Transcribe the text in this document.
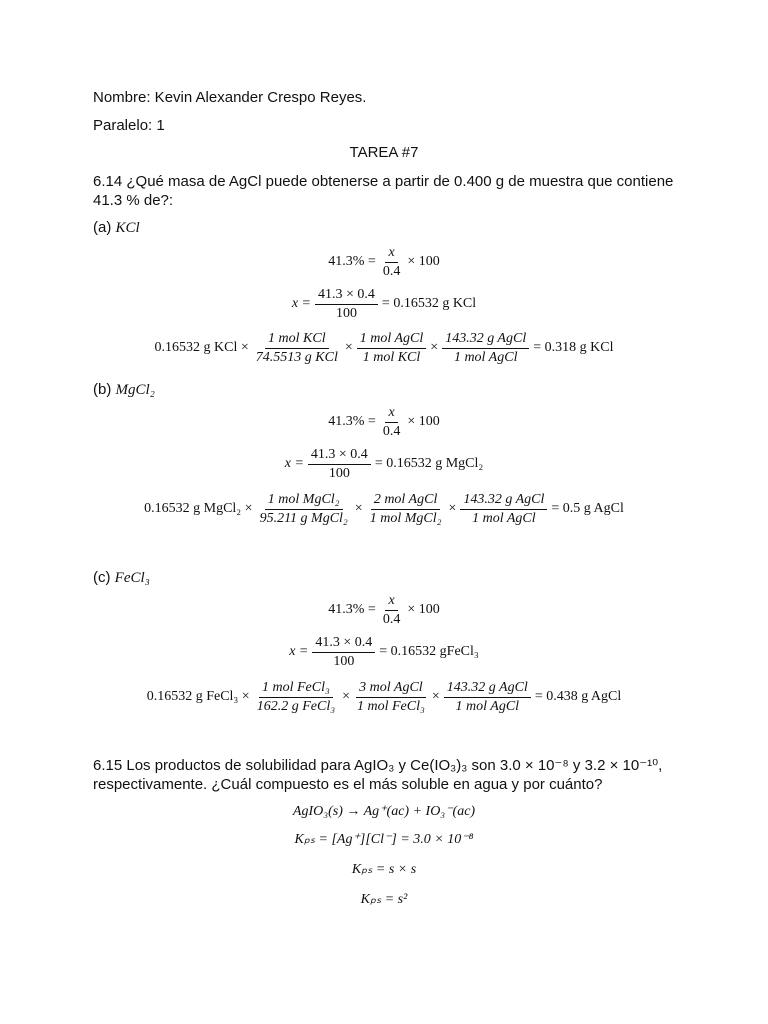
Nombre: Kevin Alexander Crespo Reyes.
Paralelo: 1
TAREA #7
6.14 ¿Qué masa de AgCl puede obtenerse a partir de 0.400 g de muestra que contiene
41.3 % de?:
(a) KCl
$41.3\% = \frac{x}{0.4} \times 100$
$x = \frac{41.3 \times 0.4}{100} = 0.16532$ g KCl
0.16532 g KCl × $\frac{\text{1 mol KCl}}{\text{74.5513 g KCl}} \times \frac{\text{1 mol AgCl}}{\text{1 mol KCl}} \times \frac{\text{143.32 g AgCl}}{\text{1 mol AgCl}} = 0.318$ g KCl
(b) MgCl₂
$41.3\% = \frac{x}{0.4} \times 100$
$x = \frac{41.3 \times 0.4}{100} = 0.16532$ g MgCl₂
0.16532 g MgCl₂ × $\frac{\text{1 mol MgCl₂}}{\text{95.211 g MgCl₂}} \times \frac{\text{2 mol AgCl}}{\text{1 mol MgCl₂}} \times \frac{\text{143.32 g AgCl}}{\text{1 mol AgCl}} = 0.5$ g AgCl
(c) FeCl₃
$41.3\% = \frac{x}{0.4} \times 100$
$x = \frac{41.3 \times 0.4}{100} = 0.16532$ gFeCl₃
0.16532 g FeCl₃ × $\frac{\text{1 mol FeCl₃}}{\text{162.2 g FeCl₃}} \times \frac{\text{3 mol AgCl}}{\text{1 mol FeCl₃}} \times \frac{\text{143.32 g AgCl}}{\text{1 mol AgCl}} = 0.438$ g AgCl
6.15 Los productos de solubilidad para AgIO₃ y Ce(IO₃)₃ son 3.0 × 10⁻⁸ y 3.2 × 10⁻¹⁰,
respectivamente. ¿Cuál compuesto es el más soluble en agua y por cuánto?
AgIO₃(s) → Ag⁺(ac) + IO₃⁻(ac)
Kₚₛ = [Ag⁺][Cl⁻] = 3.0 × 10⁻⁸
Kₚₛ = s × s
Kₚₛ = s²
